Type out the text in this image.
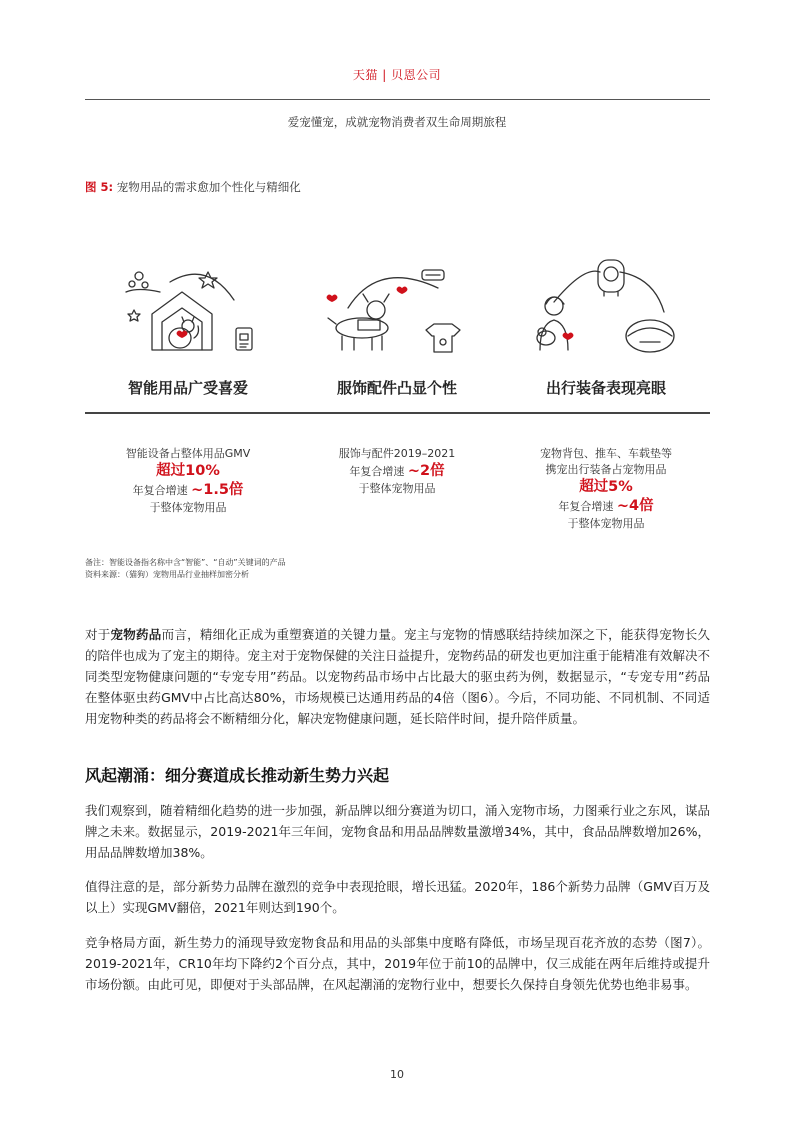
天猫 | 贝恩公司
爱宠懂宠，成就宠物消费者双生命周期旅程
图 5: 宠物用品的需求愈加个性化与精细化
智能用品广受喜爱	服饰配件凸显个性	出行装备表现亮眼
智能设备占整体用品GMV
超过10%
年复合增速 ~1.5倍
于整体宠物用品
服饰与配件2019–2021
年复合增速 ~2倍
于整体宠物用品
宠物背包、推车、车载垫等
携宠出行装备占宠物用品
超过5%
年复合增速 ~4倍
于整体宠物用品
备注：智能设备指名称中含“智能”、“自动”关键词的产品
资料来源：（猫狗）宠物用品行业抽样加密分析

对于宠物药品而言，精细化正成为重塑赛道的关键力量。宠主与宠物的情感联结持续加深之下，能获得宠物长久的陪伴也成为了宠主的期待。宠主对于宠物保健的关注日益提升，宠物药品的研发也更加注重于能精准有效解决不同类型宠物健康问题的“专宠专用”药品。以宠物药品市场中占比最大的驱虫药为例，数据显示，“专宠专用”药品在整体驱虫药GMV中占比高达80%，市场规模已达通用药品的4倍（图6）。今后，不同功能、不同机制、不同适用宠物种类的药品将会不断精细分化，解决宠物健康问题，延长陪伴时间，提升陪伴质量。

风起潮涌：细分赛道成长推动新生势力兴起

我们观察到，随着精细化趋势的进一步加强，新品牌以细分赛道为切口，涌入宠物市场，力图乘行业之东风，谋品牌之未来。数据显示，2019-2021年三年间，宠物食品和用品品牌数量激增34%，其中，食品品牌数增加26%，用品品牌数增加38%。

值得注意的是，部分新势力品牌在激烈的竞争中表现抢眼，增长迅猛。2020年，186个新势力品牌（GMV百万及以上）实现GMV翻倍，2021年则达到190个。

竞争格局方面，新生势力的涌现导致宠物食品和用品的头部集中度略有降低，市场呈现百花齐放的态势（图7）。2019-2021年，CR10年均下降约2个百分点，其中，2019年位于前10的品牌中，仅三成能在两年后维持或提升市场份额。由此可见，即便对于头部品牌，在风起潮涌的宠物行业中，想要长久保持自身领先优势也绝非易事。

10
